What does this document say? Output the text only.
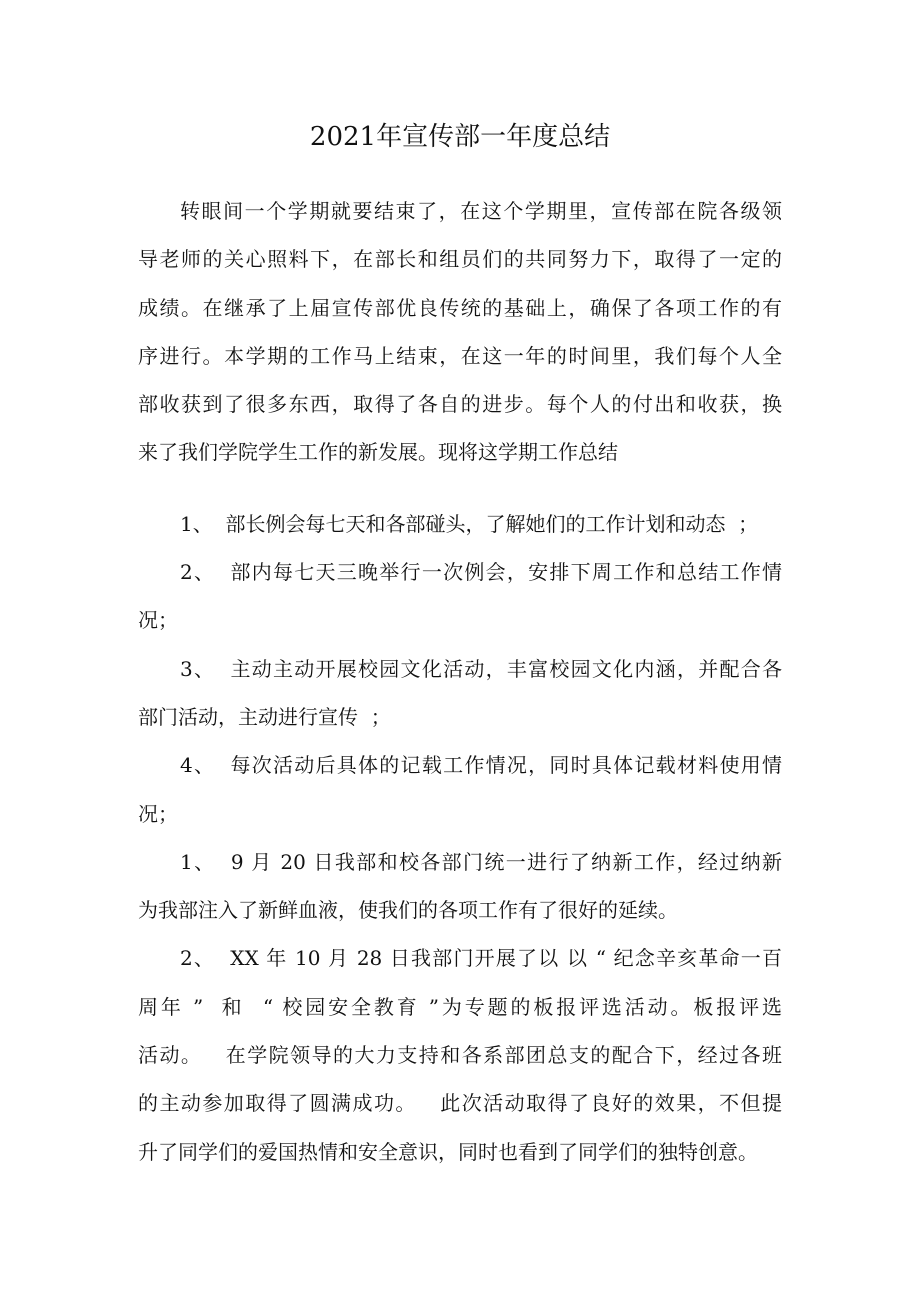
2021年宣传部一年度总结
转眼间一个学期就要结束了，在这个学期里，宣传部在院各级领
导老师的关心照料下，在部长和组员们的共同努力下，取得了一定的
成绩。在继承了上届宣传部优良传统的基础上，确保了各项工作的有
序进行。本学期的工作马上结束，在这一年的时间里，我们每个人全
部收获到了很多东西，取得了各自的进步。每个人的付出和收获，换
来了我们学院学生工作的新发展。现将这学期工作总结
1、  部长例会每七天和各部碰头，了解她们的工作计划和动态  ；
2、  部内每七天三晚举行一次例会，安排下周工作和总结工作情
况；
3、  主动主动开展校园文化活动，丰富校园文化内涵，并配合各
部门活动，主动进行宣传  ；
4、  每次活动后具体的记载工作情况，同时具体记载材料使用情
况；
1、  9 月 20 日我部和校各部门统一进行了纳新工作，经过纳新
为我部注入了新鲜血液，使我们的各项工作有了很好的延续。
2、  XX 年 10 月 28 日我部门开展了以 以 “ 纪念辛亥革命一百
周年 ”  和  “ 校园安全教育 ”为专题的板报评选活动。板报评选
活动。   在学院领导的大力支持和各系部团总支的配合下，经过各班
的主动参加取得了圆满成功。   此次活动取得了良好的效果，不但提
升了同学们的爱国热情和安全意识，同时也看到了同学们的独特创意。
